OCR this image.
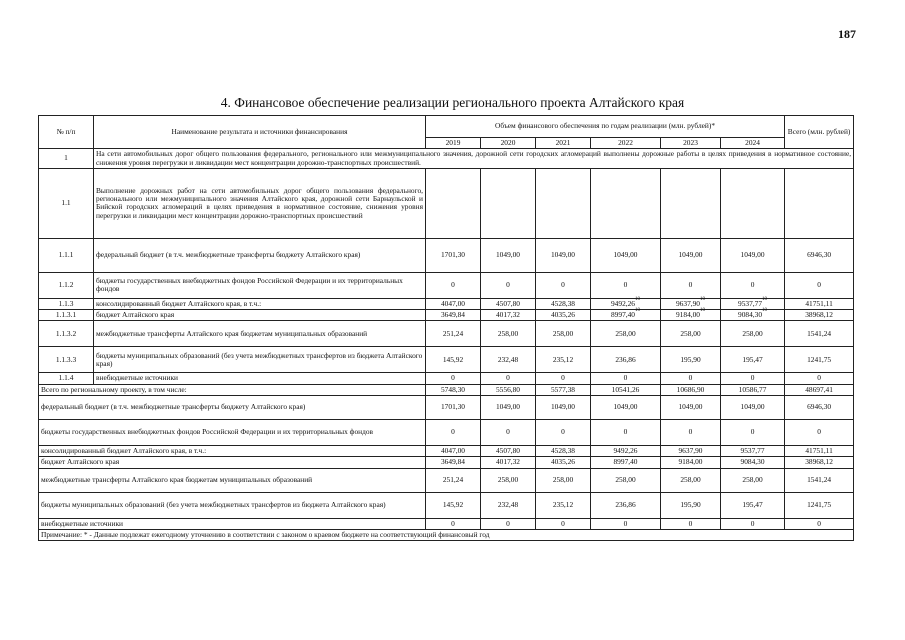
187
4. Финансовое обеспечение реализации регионального проекта Алтайского края
№ п/п	Наименование результата и источники финансирования	Объем финансового обеспечения по годам реализации (млн. рублей)*						Всего (млн. рублей)
		2019	2020	2021	2022	2023	2024	
1	На сети автомобильных дорог общего пользования федерального, регионального или межмуниципального значения, дорожной сети городских агломераций выполнены дорожные работы в целях приведения в нормативное состояние, снижения уровня перегрузки и ликвидации мест концентрации дорожно-транспортных происшествий.							
1.1	Выполнение дорожных работ на сети автомобильных дорог общего пользования федерального, регионального или межмуниципального значения Алтайского края, дорожной сети Барнаульской и Бийской городских агломераций в целях приведения в нормативное состояние, снижения уровня перегрузки и ликвидации мест концентрации дорожно-транспортных происшествий							
1.1.1	федеральный бюджет (в т.ч. межбюджетные трансферты бюджету Алтайского края)	1701,30	1049,00	1049,00	1049,00	1049,00	1049,00	6946,30
1.1.2	бюджеты государственных внебюджетных фондов Российской Федерации и их территориальных фондов	0	0	0	0	0	0	0
1.1.3	консолидированный бюджет Алтайского края, в т.ч.:	4047,00	4507,80	4528,38	9492,26$^{10}$	9637,90$^{10}$	9537,77$^{10}$	41751,11
1.1.3.1	бюджет Алтайского края	3649,84	4017,32	4035,26	8997,40$^{10}$	9184,00$^{10}$	9084,30$^{10}$	38968,12
1.1.3.2	межбюджетные трансферты Алтайского края бюджетам муниципальных образований	251,24	258,00	258,00	258,00	258,00	258,00	1541,24
1.1.3.3	бюджеты муниципальных образований (без учета межбюджетных трансфертов из бюджета Алтайского края)	145,92	232,48	235,12	236,86	195,90	195,47	1241,75
1.1.4	внебюджетные источники	0	0	0	0	0	0	0
Всего по региональному проекту, в том числе:		5748,30	5556,80	5577,38	10541,26	10686,90	10586,77	48697,41
федеральный бюджет (в т.ч. межбюджетные трансферты бюджету Алтайского края)		1701,30	1049,00	1049,00	1049,00	1049,00	1049,00	6946,30
бюджеты государственных внебюджетных фондов Российской Федерации и их территориальных фондов		0	0	0	0	0	0	0
консолидированный бюджет Алтайского края, в т.ч.:		4047,00	4507,80	4528,38	9492,26	9637,90	9537,77	41751,11
бюджет Алтайского края		3649,84	4017,32	4035,26	8997,40	9184,00	9084,30	38968,12
межбюджетные трансферты Алтайского края бюджетам муниципальных образований		251,24	258,00	258,00	258,00	258,00	258,00	1541,24
бюджеты муниципальных образований (без учета межбюджетных трансфертов из бюджета Алтайского края)		145,92	232,48	235,12	236,86	195,90	195,47	1241,75
внебюджетные источники		0	0	0	0	0	0	0
Примечание: * - Данные подлежат ежегодному уточнению в соответствии с законом о краевом бюджете на соответствующий финансовый год								
